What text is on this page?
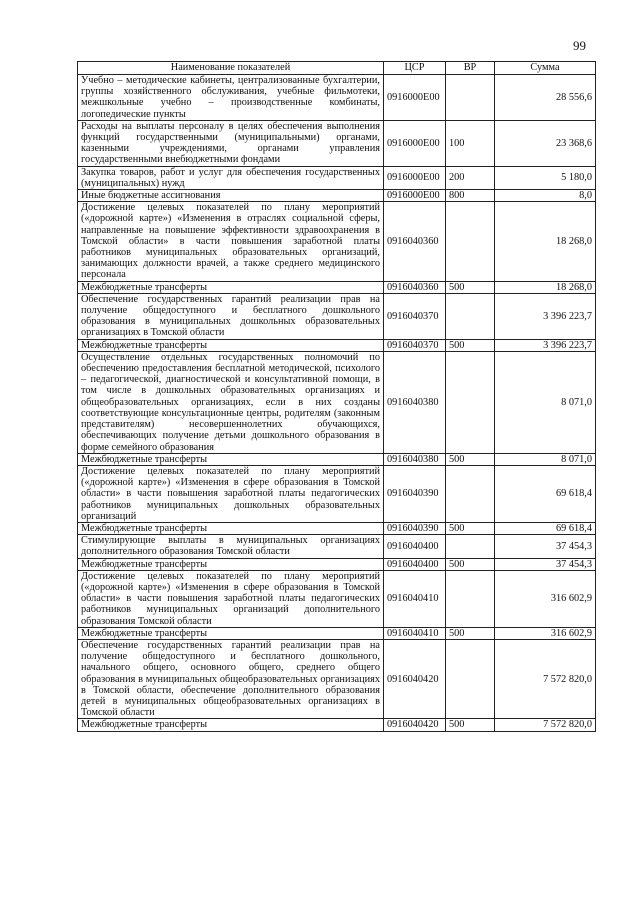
99
Наименование показателей	ЦСР	ВР	Сумма
Учебно – методические кабинеты, централизованные бухгалтерии, группы хозяйственного обслуживания, учебные фильмотеки, межшкольные учебно – производственные комбинаты, логопедические пункты	0916000E00		28 556,6
Расходы на выплаты персоналу в целях обеспечения выполнения функций государственными (муниципальными) органами, казенными учреждениями, органами управления государственными внебюджетными фондами	0916000E00	100	23 368,6
Закупка товаров, работ и услуг для обеспечения государственных (муниципальных) нужд	0916000E00	200	5 180,0
Иные бюджетные ассигнования	0916000E00	800	8,0
Достижение целевых показателей по плану мероприятий («дорожной карте») «Изменения в отраслях социальной сферы, направленные на повышение эффективности здравоохранения в Томской области» в части повышения заработной платы работников муниципальных образовательных организаций, занимающих должности врачей, а также среднего медицинского персонала	0916040360		18 268,0
Межбюджетные трансферты	0916040360	500	18 268,0
Обеспечение государственных гарантий реализации прав на получение общедоступного и бесплатного дошкольного образования в муниципальных дошкольных образовательных организациях в Томской области	0916040370		3 396 223,7
Межбюджетные трансферты	0916040370	500	3 396 223,7
Осуществление отдельных государственных полномочий по обеспечению предоставления бесплатной методической, психолого – педагогической, диагностической и консультативной помощи, в том числе в дошкольных образовательных организациях и общеобразовательных организациях, если в них созданы соответствующие консультационные центры, родителям (законным представителям) несовершеннолетних обучающихся, обеспечивающих получение детьми дошкольного образования в форме семейного образования	0916040380		8 071,0
Межбюджетные трансферты	0916040380	500	8 071,0
Достижение целевых показателей по плану мероприятий («дорожной карте») «Изменения в сфере образования в Томской области» в части повышения заработной платы педагогических работников муниципальных дошкольных образовательных организаций	0916040390		69 618,4
Межбюджетные трансферты	0916040390	500	69 618,4
Стимулирующие выплаты в муниципальных организациях дополнительного образования Томской области	0916040400		37 454,3
Межбюджетные трансферты	0916040400	500	37 454,3
Достижение целевых показателей по плану мероприятий («дорожной карте») «Изменения в сфере образования в Томской области» в части повышения заработной платы педагогических работников муниципальных организаций дополнительного образования Томской области	0916040410		316 602,9
Межбюджетные трансферты	0916040410	500	316 602,9
Обеспечение государственных гарантий реализации прав на получение общедоступного и бесплатного дошкольного, начального общего, основного общего, среднего общего образования в муниципальных общеобразовательных организациях в Томской области, обеспечение дополнительного образования детей в муниципальных общеобразовательных организациях в Томской области	0916040420		7 572 820,0
Межбюджетные трансферты	0916040420	500	7 572 820,0
